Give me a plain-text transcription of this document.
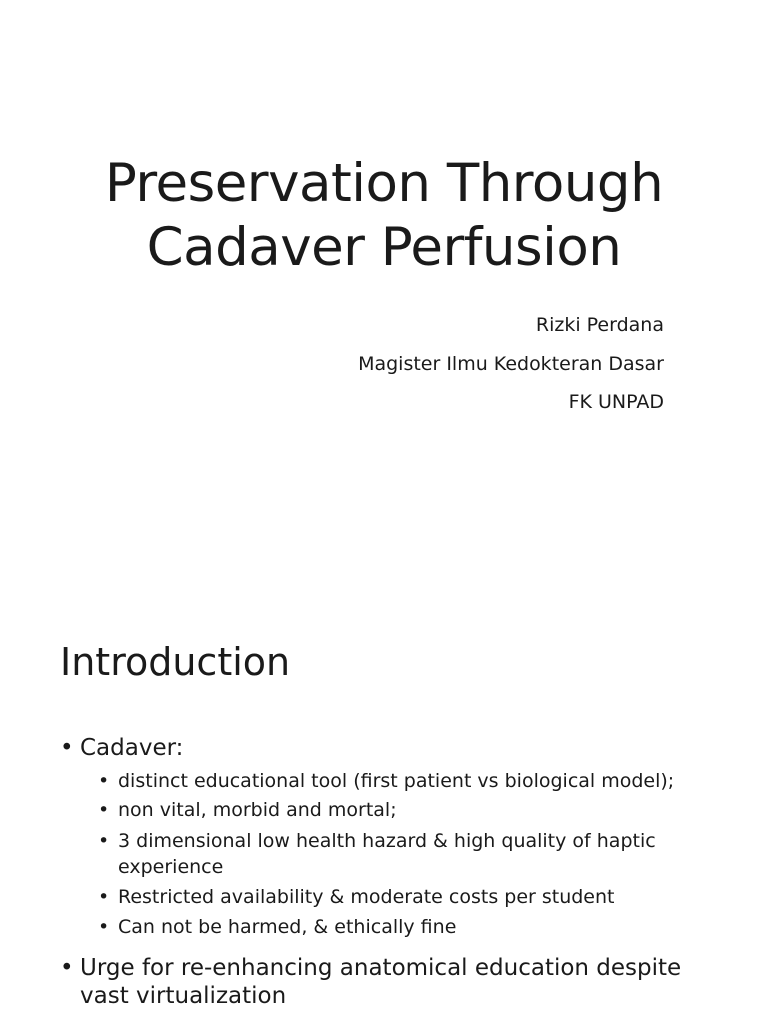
Preservation Through
Cadaver Perfusion
Rizki Perdana
Magister Ilmu Kedokteran Dasar
FK UNPAD
Introduction
• Cadaver:
• distinct educational tool (first patient vs biological model);
• non vital, morbid and mortal;
• 3 dimensional low health hazard & high quality of haptic
experience
• Restricted availability & moderate costs per student
• Can not be harmed, & ethically fine
• Urge for re-enhancing anatomical education despite
vast virtualization
